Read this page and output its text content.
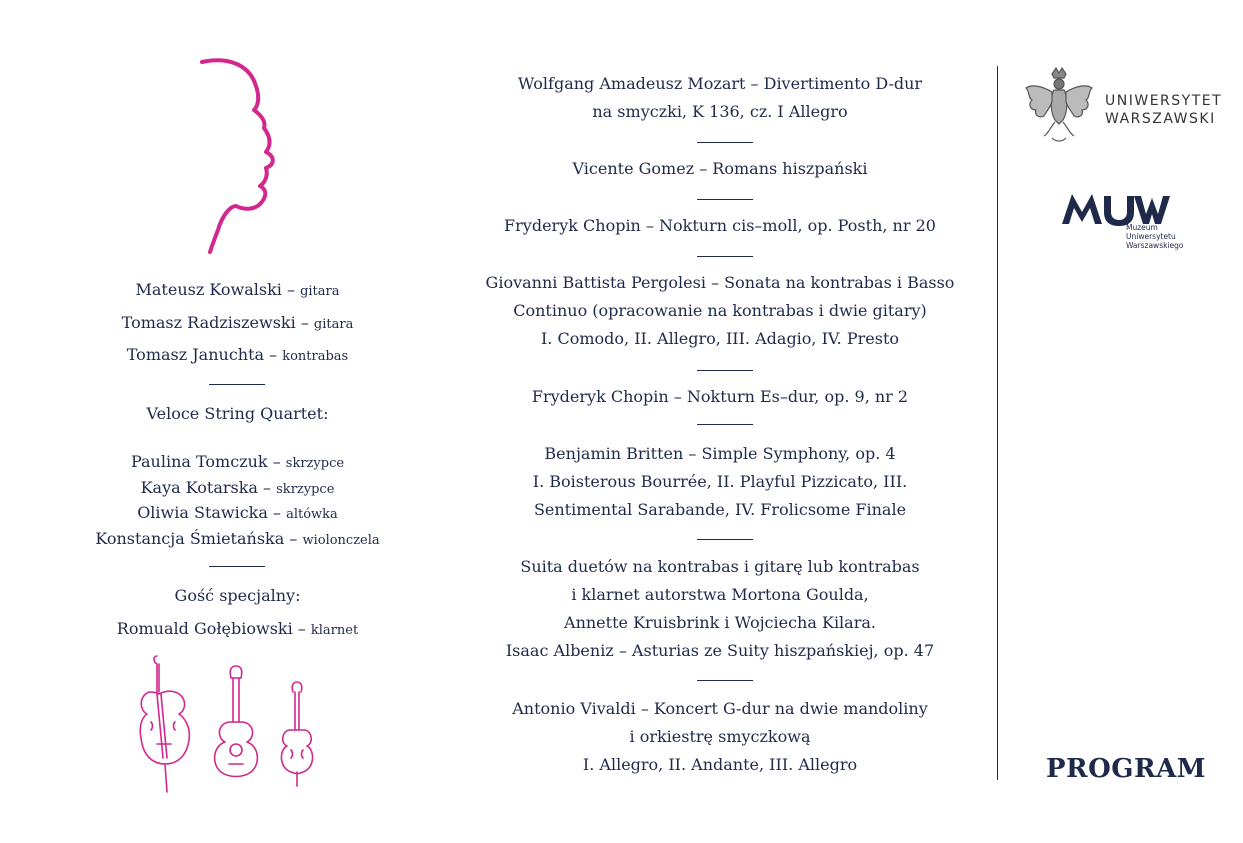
Mateusz Kowalski – gitara
Tomasz Radziszewski – gitara
Tomasz Januchta – kontrabas
Veloce String Quartet:
Paulina Tomczuk – skrzypce
Kaya Kotarska – skrzypce
Oliwia Stawicka – altówka
Konstancja Śmietańska – wiolonczela
Gość specjalny:
Romuald Gołębiowski – klarnet
Wolfgang Amadeusz Mozart – Divertimento D-dur
na smyczki, K 136, cz. I Allegro
Vicente Gomez – Romans hiszpański
Fryderyk Chopin – Nokturn cis–moll, op. Posth, nr 20
Giovanni Battista Pergolesi – Sonata na kontrabas i Basso
Continuo (opracowanie na kontrabas i dwie gitary)
I. Comodo, II. Allegro, III. Adagio, IV. Presto
Fryderyk Chopin – Nokturn Es–dur, op. 9, nr 2
Benjamin Britten – Simple Symphony, op. 4
I. Boisterous Bourrée, II. Playful Pizzicato, III.
Sentimental Sarabande, IV. Frolicsome Finale
Suita duetów na kontrabas i gitarę lub kontrabas
i klarnet autorstwa Mortona Goulda,
Annette Kruisbrink i Wojciecha Kilara.
Isaac Albeniz – Asturias ze Suity hiszpańskiej, op. 47
Antonio Vivaldi – Koncert G-dur na dwie mandoliny
i orkiestrę smyczkową
I. Allegro, II. Andante, III. Allegro
UNIWERSYTET
WARSZAWSKI
MUW
Muzeum
Uniwersytetu
Warszawskiego
PROGRAM
